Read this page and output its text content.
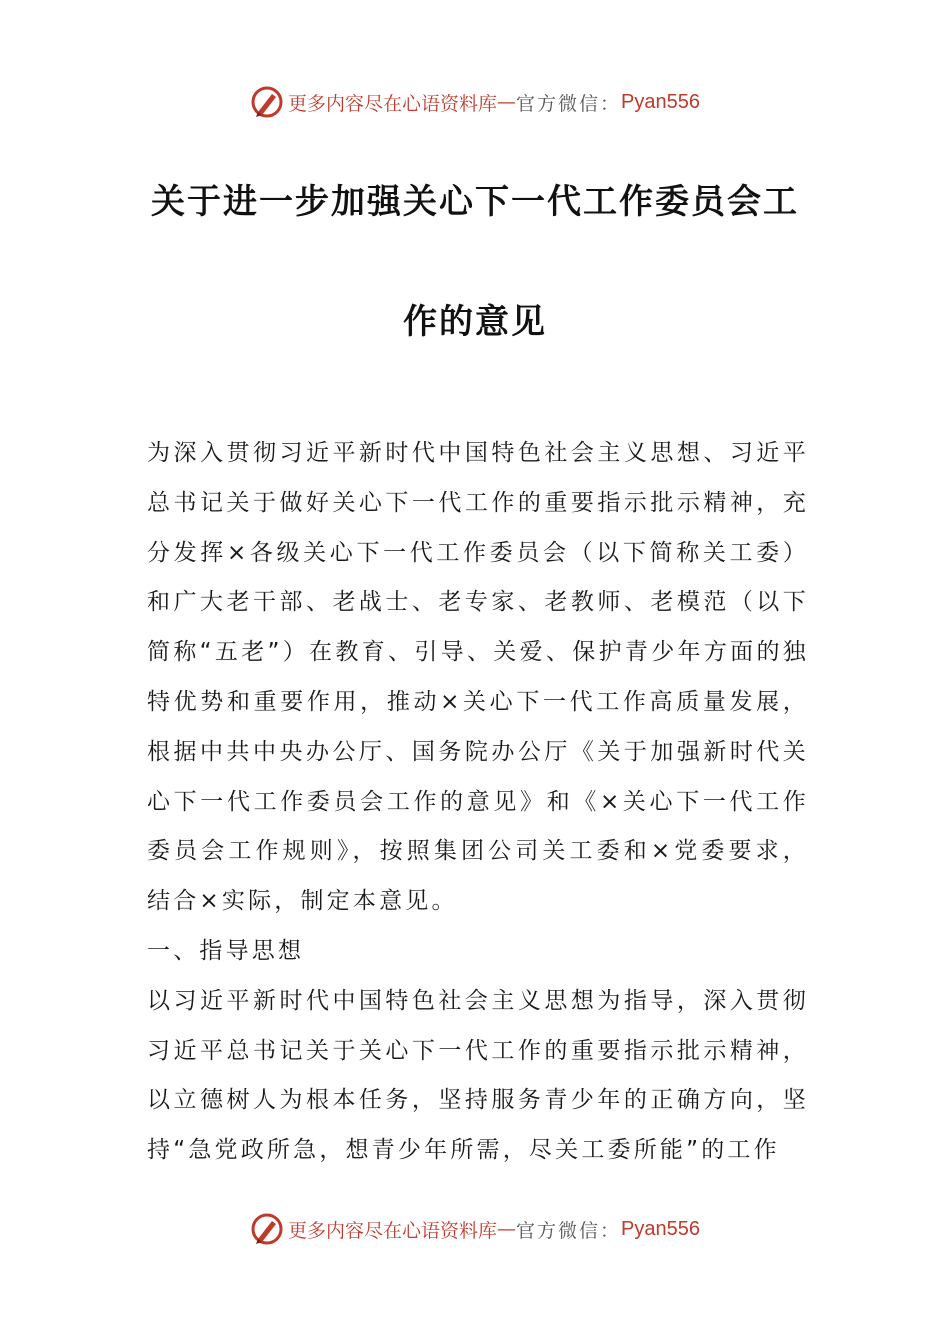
更多内容尽在心语资料库 — 官方微信： Pyan556
关于进一步加强关心下一代工作委员会工
作的意见

为深入贯彻习近平新时代中国特色社会主义思想、习近平总书记关于做好关心下一代工作的重要指示批示精神，充分发挥×各级关心下一代工作委员会（以下简称关工委）和广大老干部、老战士、老专家、老教师、老模范（以下简称“五老”）在教育、引导、关爱、保护青少年方面的独特优势和重要作用，推动×关心下一代工作高质量发展，根据中共中央办公厅、国务院办公厅《关于加强新时代关心下一代工作委员会工作的意见》和《×关心下一代工作委员会工作规则》，按照集团公司关工委和×党委要求，结合×实际，制定本意见。

一、指导思想

以习近平新时代中国特色社会主义思想为指导，深入贯彻习近平总书记关于关心下一代工作的重要指示批示精神，以立德树人为根本任务，坚持服务青少年的正确方向，坚持“急党政所急，想青少年所需，尽关工委所能”的工作

更多内容尽在心语资料库 — 官方微信： Pyan556
